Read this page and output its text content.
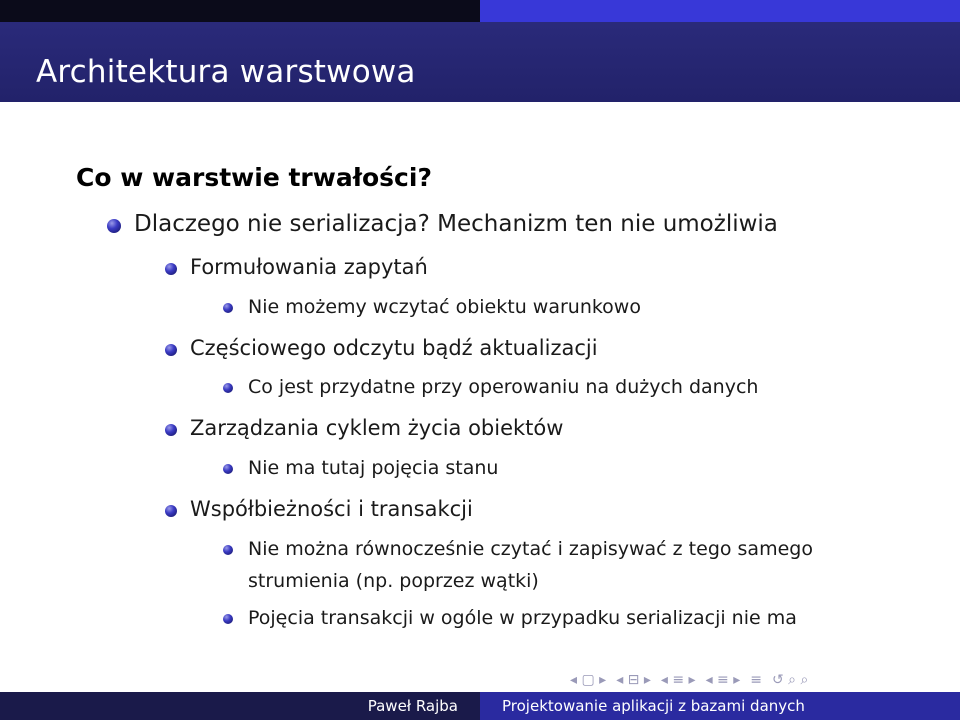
Architektura warstwowa
Co w warstwie trwałości?
Dlaczego nie serializacja? Mechanizm ten nie umożliwia
Formułowania zapytań
Nie możemy wczytać obiektu warunkowo
Częściowego odczytu bądź aktualizacji
Co jest przydatne przy operowaniu na dużych danych
Zarządzania cyklem życia obiektów
Nie ma tutaj pojęcia stanu
Współbieżności i transakcji
Nie można równocześnie czytać i zapisywać z tego samego
strumienia (np. poprzez wątki)
Pojęcia transakcji w ogóle w przypadku serializacji nie ma
◂ ▢ ▸ ◂ ⊟ ▸ ◂ ≡ ▸ ◂ ≡ ▸ ≡ ↺ ⌕ ⌕
Paweł Rajba	Projektowanie aplikacji z bazami danych
